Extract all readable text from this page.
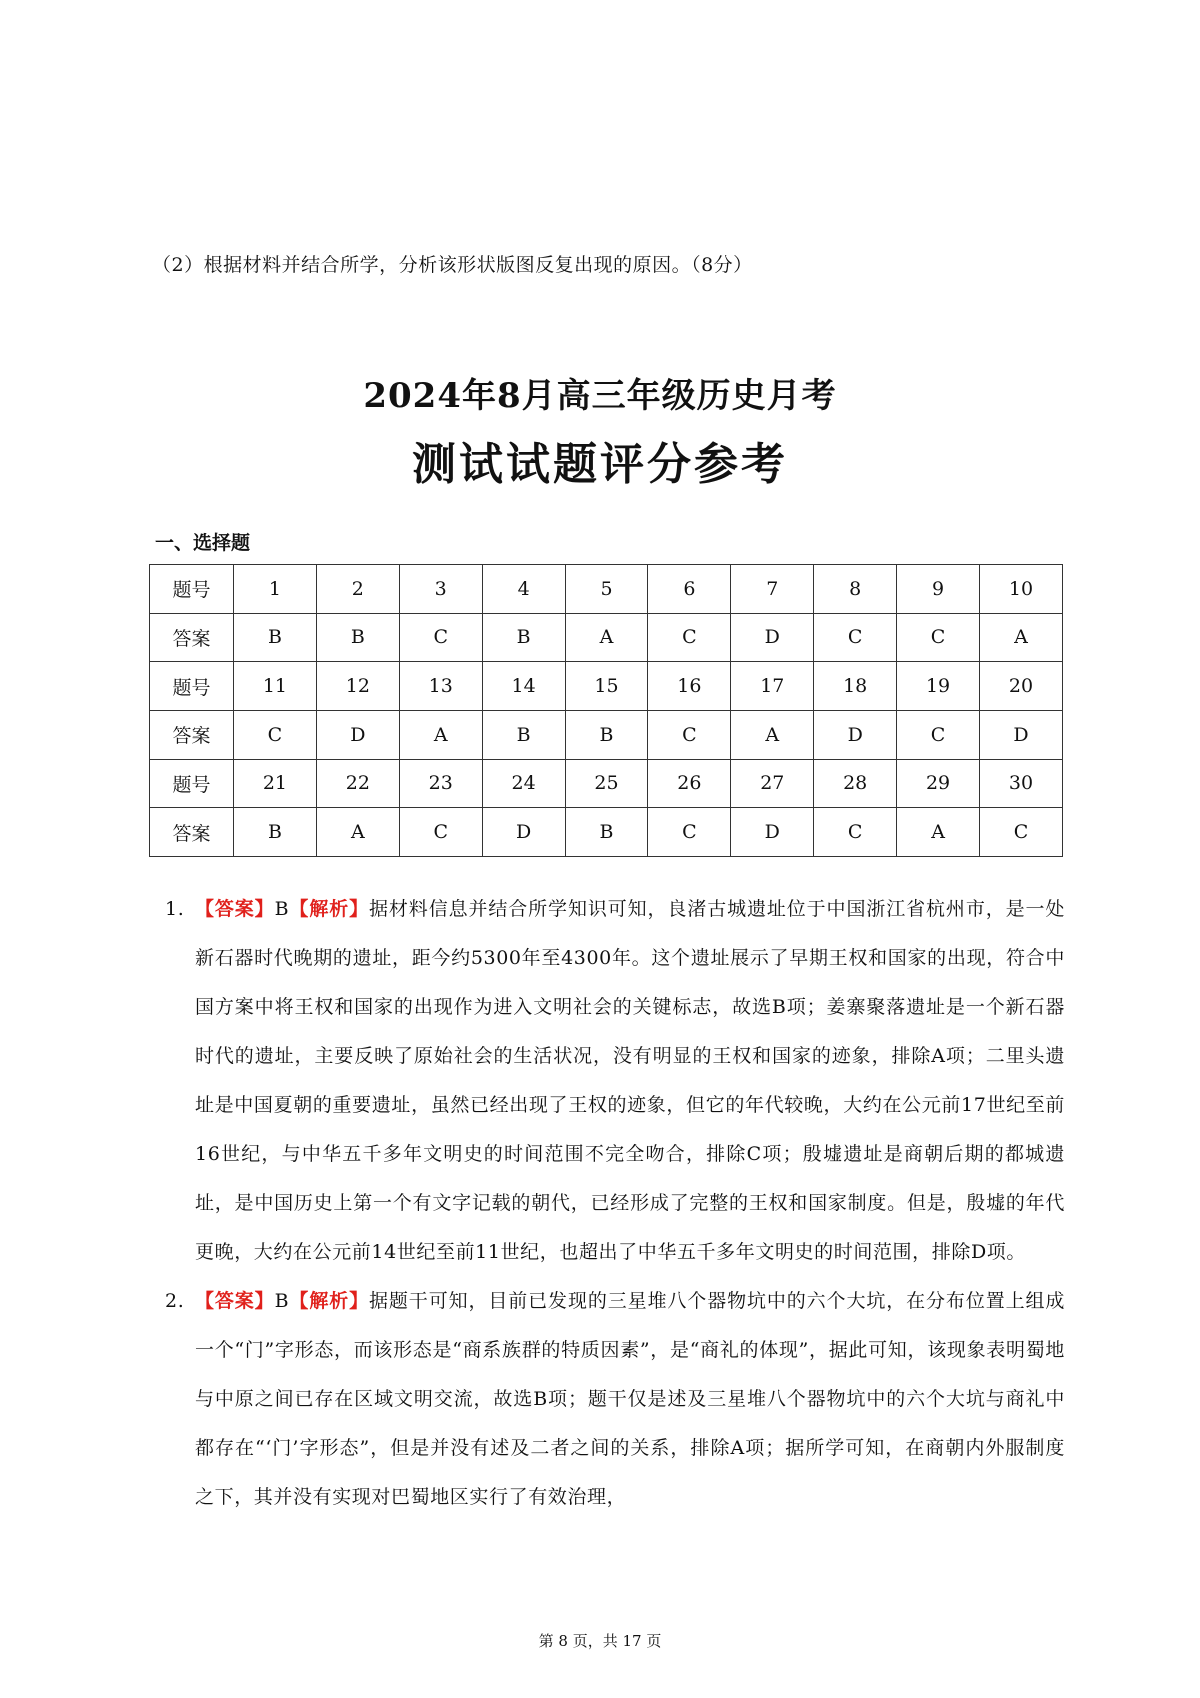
（2）根据材料并结合所学，分析该形状版图反复出现的原因。（8分）
2024年8月高三年级历史月考
测试试题评分参考
一、选择题
题号	1	2	3	4	5	6	7	8	9	10
答案	B	B	C	B	A	C	D	C	C	A
题号	11	12	13	14	15	16	17	18	19	20
答案	C	D	A	B	B	C	A	D	C	D
题号	21	22	23	24	25	26	27	28	29	30
答案	B	A	C	D	B	C	D	C	A	C
1. 【答案】B【解析】据材料信息并结合所学知识可知，良渚古城遗址位于中国浙江省杭州市，是一处新石器时代晚期的遗址，距今约5300年至4300年。这个遗址展示了早期王权和国家的出现，符合中国方案中将王权和国家的出现作为进入文明社会的关键标志，故选B项；姜寨聚落遗址是一个新石器时代的遗址，主要反映了原始社会的生活状况，没有明显的王权和国家的迹象，排除A项；二里头遗址是中国夏朝的重要遗址，虽然已经出现了王权的迹象，但它的年代较晚，大约在公元前17世纪至前16世纪，与中华五千多年文明史的时间范围不完全吻合，排除C项；殷墟遗址是商朝后期的都城遗址，是中国历史上第一个有文字记载的朝代，已经形成了完整的王权和国家制度。但是，殷墟的年代更晚，大约在公元前14世纪至前11世纪，也超出了中华五千多年文明史的时间范围，排除D项。
2. 【答案】B【解析】据题干可知，目前已发现的三星堆八个器物坑中的六个大坑，在分布位置上组成一个“门”字形态，而该形态是“商系族群的特质因素”，是“商礼的体现”，据此可知，该现象表明蜀地与中原之间已存在区域文明交流，故选B项；题干仅是述及三星堆八个器物坑中的六个大坑与商礼中都存在“‘门’字形态”，但是并没有述及二者之间的关系，排除A项；据所学可知，在商朝内外服制度之下，其并没有实现对巴蜀地区实行了有效治理，
第 8 页，共 17 页
